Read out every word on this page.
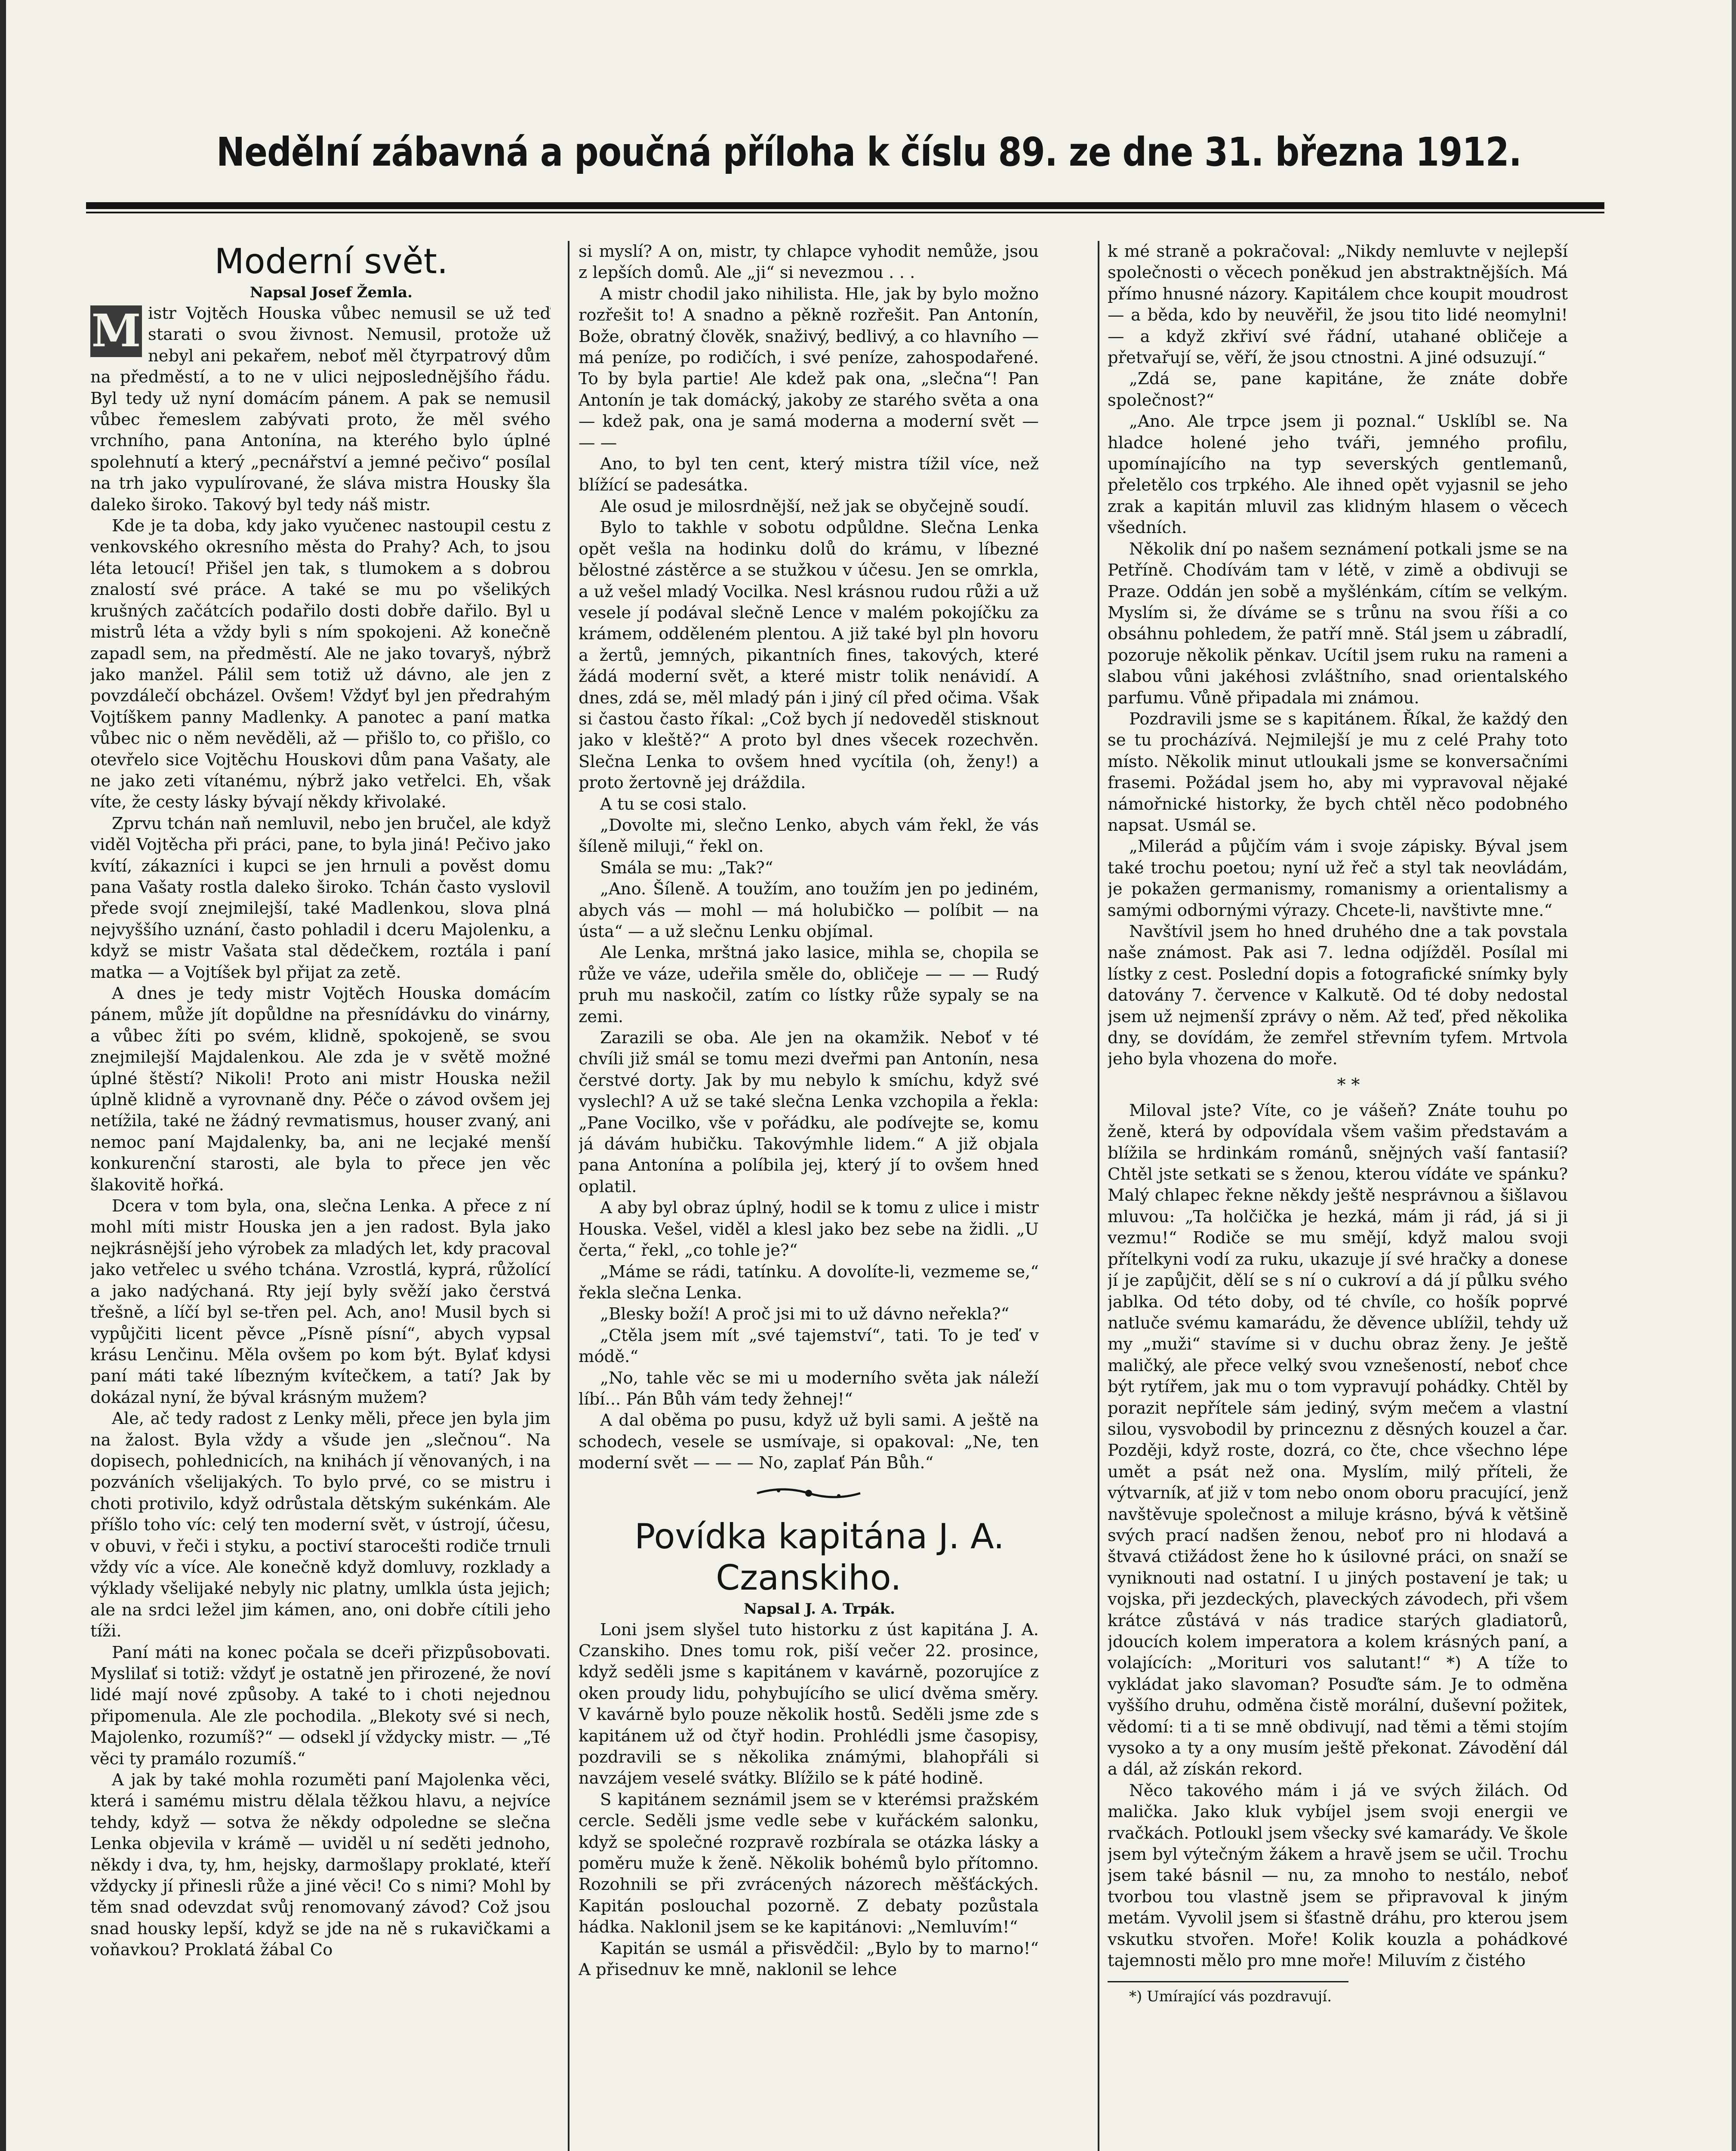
Nedělní zábavná a poučná příloha k číslu 89. ze dne 31. března 1912.

Moderní svět.

Napsal Josef Žemla.

M istr Vojtěch Houska vůbec nemusil se už teď starati o svou živnost. Nemusil, protože už nebyl ani pekařem, neboť měl čtyrpatrový dům na předměstí, a to ne v ulici nejposlednějšího řádu. Byl tedy už nyní domácím pánem. A pak se nemusil vůbec řemeslem zabývati proto, že měl svého vrchního, pana Antonína, na kterého bylo úplné spolehnutí a který „pecnářství a jemné pečivo“ posílal na trh jako vypulírované, že sláva mistra Housky šla daleko široko. Takový byl tedy náš mistr.

Kde je ta doba, kdy jako vyučenec nastoupil cestu z venkovského okresního města do Prahy? Ach, to jsou léta letoucí! Přišel jen tak, s tlumokem a s dobrou znalostí své práce. A také se mu po všelikých krušných začátcích podařilo dosti dobře dařilo. Byl u mistrů léta a vždy byli s ním spokojeni. Až konečně zapadl sem, na předměstí. Ale ne jako tovaryš, nýbrž jako manžel. Pálil sem totiž už dávno, ale jen z povzdálečí obcházel. Ovšem! Vždyť byl jen předrahým Vojtíškem panny Madlenky. A panotec a paní matka vůbec nic o něm nevěděli, až — přišlo to, co přišlo, co otevřelo sice Vojtěchu Houskovi dům pana Vašaty, ale ne jako zeti vítanému, nýbrž jako vetřelci. Eh, však víte, že cesty lásky bývají někdy křivolaké.

Zprvu tchán naň nemluvil, nebo jen bručel, ale když viděl Vojtěcha při práci, pane, to byla jiná! Pečivo jako kvítí, zákazníci i kupci se jen hrnuli a pověst domu pana Vašaty rostla daleko široko. Tchán často vyslovil přede svojí znejmilejší, také Madlenkou, slova plná nejvyššího uznání, často pohladil i dceru Majolenku, a když se mistr Vašata stal dědečkem, roztála i paní matka — a Vojtíšek byl přijat za zetě.

A dnes je tedy mistr Vojtěch Houska domácím pánem, může jít dopůldne na přesnídávku do vinárny, a vůbec žíti po svém, klidně, spokojeně, se svou znejmilejší Majdalenkou. Ale zda je v světě možné úplné štěstí? Nikoli! Proto ani mistr Houska nežil úplně klidně a vyrovnaně dny. Péče o závod ovšem jej netížila, také ne žádný revmatismus, houser zvaný, ani nemoc paní Majdalenky, ba, ani ne lecjaké menší konkurenční starosti, ale byla to přece jen věc šlakovitě hořká.

Dcera v tom byla, ona, slečna Lenka. A přece z ní mohl míti mistr Houska jen a jen radost. Byla jako nejkrásnější jeho výrobek za mladých let, kdy pracoval jako vetřelec u svého tchána. Vzrostlá, kyprá, růžolící a jako nadýchaná. Rty její byly svěží jako čerstvá třešně, a líčí byl se-třen pel. Ach, ano! Musil bych si vypůjčiti licent pěvce „Písně písní“, abych vypsal krásu Lenčinu. Měla ovšem po kom být. Bylať kdysi paní máti také líbezným kvítečkem, a tatí? Jak by dokázal nyní, že býval krásným mužem?

Ale, ač tedy radost z Lenky měli, přece jen byla jim na žalost. Byla vždy a všude jen „slečnou“. Na dopisech, pohlednicích, na knihách jí věnovaných, i na pozváních všelijakých. To bylo prvé, co se mistru i choti protivilo, když odrůstala dětským sukénkám. Ale příšlo toho víc: celý ten moderní svět, v ústrojí, účesu, v obuvi, v řeči i styku, a poctiví starocešti rodiče trnuli vždy víc a více. Ale konečně když domluvy, rozklady a výklady všelijaké nebyly nic platny, umlkla ústa jejich; ale na srdci ležel jim kámen, ano, oni dobře cítili jeho tíži.

Paní máti na konec počala se dceři přizpůsobovati. Myslilať si totiž: vždyť je ostatně jen přirozené, že noví lidé mají nové způsoby. A také to i choti nejednou připomenula. Ale zle pochodila. „Blekoty své si nech, Majolenko, rozumíš?“ — odsekl jí vždycky mistr. — „Té věci ty pramálo rozumíš.“

A jak by také mohla rozuměti paní Majolenka věci, která i samému mistru dělala těžkou hlavu, a nejvíce tehdy, když — sotva že někdy odpoledne se slečna Lenka objevila v krámě — uviděl u ní seděti jednoho, někdy i dva, ty, hm, hejsky, darmošlapy proklaté, kteří vždycky jí přinesli růže a jiné věci! Co s nimi? Mohl by těm snad odevzdat svůj renomovaný závod? Což jsou snad housky lepší, když se jde na ně s rukavičkami a voňavkou? Proklatá žábal Co

si myslí? A on, mistr, ty chlapce vyhodit nemůže, jsou z lepších domů. Ale „ji“ si nevezmou . . .

A mistr chodil jako nihilista. Hle, jak by bylo možno rozřešit to! A snadno a pěkně rozřešit. Pan Antonín, Bože, obratný člověk, snaživý, bedlivý, a co hlavního — má peníze, po rodičích, i své peníze, zahospodařené. To by byla partie! Ale kdež pak ona, „slečna“! Pan Antonín je tak domácký, jakoby ze starého světa a ona — kdež pak, ona je samá moderna a moderní svět — — —

Ano, to byl ten cent, který mistra tížil více, než blížící se padesátka.

Ale osud je milosrdnější, než jak se obyčejně soudí.

Bylo to takhle v sobotu odpůldne. Slečna Lenka opět vešla na hodinku dolů do krámu, v líbezné bělostné zástěrce a se stužkou v účesu. Jen se omrkla, a už vešel mladý Vocilka. Nesl krásnou rudou růži a už vesele jí podával slečně Lence v malém pokojíčku za krámem, odděleném plentou. A již také byl pln hovoru a žertů, jemných, pikantních fines, takových, které žádá moderní svět, a které mistr tolik nenávidí. A dnes, zdá se, měl mladý pán i jiný cíl před očima. Však si častou často říkal: „Což bych jí nedoveděl stisknout jako v kleště?“ A proto byl dnes všecek rozechvěn. Slečna Lenka to ovšem hned vycítila (oh, ženy!) a proto žertovně jej dráždila.

A tu se cosi stalo.

„Dovolte mi, slečno Lenko, abych vám řekl, že vás šíleně miluji,“ řekl on.

Smála se mu: „Tak?“

„Ano. Šíleně. A toužím, ano toužím jen po jediném, abych vás — mohl — má holubičko — políbit — na ústa“ — a už slečnu Lenku objímal.

Ale Lenka, mrštná jako lasice, mihla se, chopila se růže ve váze, udeřila směle do, obličeje — — — Rudý pruh mu naskočil, zatím co lístky růže sypaly se na zemi.

Zarazili se oba. Ale jen na okamžik. Neboť v té chvíli již smál se tomu mezi dveřmi pan Antonín, nesa čerstvé dorty. Jak by mu nebylo k smíchu, když své vyslechl? A už se také slečna Lenka vzchopila a řekla: „Pane Vocilko, vše v pořádku, ale podívejte se, komu já dávám hubičku. Takovýmhle lidem.“ A již objala pana Antonína a políbila jej, který jí to ovšem hned oplatil.

A aby byl obraz úplný, hodil se k tomu z ulice i mistr Houska. Vešel, viděl a klesl jako bez sebe na židli. „U čerta,“ řekl, „co tohle je?“

„Máme se rádi, tatínku. A dovolíte-li, vezmeme se,“ řekla slečna Lenka.

„Blesky boží! A proč jsi mi to už dávno neřekla?“

„Ctěla jsem mít „své tajemství“, tati. To je teď v módě.“

„No, tahle věc se mi u moderního světa jak náleží líbí... Pán Bůh vám tedy žehnej!“

A dal oběma po pusu, když už byli sami. A ještě na schodech, vesele se usmívaje, si opakoval: „Ne, ten moderní svět — — — No, zaplať Pán Bůh.“

Povídka kapitána J. A. Czanskiho.

Napsal J. A. Trpák.

Loni jsem slyšel tuto historku z úst kapitána J. A. Czanskiho. Dnes tomu rok, piší večer 22. prosince, když seděli jsme s kapitánem v kavárně, pozorujíce z oken proudy lidu, pohybujícího se ulicí dvěma směry. V kavárně bylo pouze několik hostů. Seděli jsme zde s kapitánem už od čtyř hodin. Prohlédli jsme časopisy, pozdravili se s několika známými, blahopřáli si navzájem veselé svátky. Blížilo se k páté hodině.

S kapitánem seznámil jsem se v kterémsi pražském cercle. Seděli jsme vedle sebe v kuřáckém salonku, když se společné rozpravě rozbírala se otázka lásky a poměru muže k ženě. Několik bohémů bylo přítomno. Rozohnili se při zvrácených názorech měšťáckých. Kapitán poslouchal pozorně. Z debaty pozůstala hádka. Naklonil jsem se ke kapitánovi: „Nemluvím!“

Kapitán se usmál a přisvědčil: „Bylo by to marno!“ A přisednuv ke mně, naklonil se lehce

k mé straně a pokračoval: „Nikdy nemluvte v nejlepší společnosti o věcech poněkud jen abstraktnějších. Má přímo hnusné názory. Kapitálem chce koupit moudrost — a běda, kdo by neuvěřil, že jsou tito lidé neomylni! — a když zkřiví své řádní, utahané obličeje a přetvařují se, věří, že jsou ctnostni. A jiné odsuzují.“

„Zdá se, pane kapitáne, že znáte dobře společnost?“

„Ano. Ale trpce jsem ji poznal.“ Usklíbl se. Na hladce holené jeho tváři, jemného profilu, upomínajícího na typ severských gentlemanů, přeletělo cos trpkého. Ale ihned opět vyjasnil se jeho zrak a kapitán mluvil zas klidným hlasem o věcech všedních.

Několik dní po našem seznámení potkali jsme se na Petříně. Chodívám tam v létě, v zimě a obdivuji se Praze. Oddán jen sobě a myšlénkám, cítím se velkým. Myslím si, že díváme se s trůnu na svou říši a co obsáhnu pohledem, že patří mně. Stál jsem u zábradlí, pozoruje několik pěnkav. Ucítil jsem ruku na rameni a slabou vůni jakéhosi zvláštního, snad orientalského parfumu. Vůně připadala mi známou.

Pozdravili jsme se s kapitánem. Říkal, že každý den se tu procházívá. Nejmilejší je mu z celé Prahy toto místo. Několik minut utloukali jsme se konversačními frasemi. Požádal jsem ho, aby mi vypravoval nějaké námořnické historky, že bych chtěl něco podobného napsat. Usmál se.

„Milerád a půjčím vám i svoje zápisky. Býval jsem také trochu poetou; nyní už řeč a styl tak neovládám, je pokažen germanismy, romanismy a orientalismy a samými odbornými výrazy. Chcete-li, navštivte mne.“

Navštívil jsem ho hned druhého dne a tak povstala naše známost. Pak asi 7. ledna odjížděl. Posílal mi lístky z cest. Poslední dopis a fotografické snímky byly datovány 7. července v Kalkutě. Od té doby nedostal jsem už nejmenší zprávy o něm. Až teď, před několika dny, se dovídám, že zemřel střevním tyfem. Mrtvola jeho byla vhozena do moře.

* *

Miloval jste? Víte, co je vášeň? Znáte touhu po ženě, která by odpovídala všem vašim představám a blížila se hrdinkám románů, snějných vaší fantasií? Chtěl jste setkati se s ženou, kterou vídáte ve spánku? Malý chlapec řekne někdy ještě nesprávnou a šišlavou mluvou: „Ta holčička je hezká, mám ji rád, já si ji vezmu!“ Rodiče se mu smějí, když malou svoji přítelkyni vodí za ruku, ukazuje jí své hračky a donese jí je zapůjčit, dělí se s ní o cukroví a dá jí půlku svého jablka. Od této doby, od té chvíle, co hošík poprvé natluče svému kamarádu, že děvence ublížil, tehdy už my „muži“ stavíme si v duchu obraz ženy. Je ještě maličký, ale přece velký svou vznešeností, neboť chce být rytířem, jak mu o tom vypravují pohádky. Chtěl by porazit nepřítele sám jediný, svým mečem a vlastní silou, vysvobodil by princeznu z děsných kouzel a čar. Později, když roste, dozrá, co čte, chce všechno lépe umět a psát než ona. Myslím, milý příteli, že výtvarník, ať již v tom nebo onom oboru pracující, jenž navštěvuje společnost a miluje krásno, bývá k většině svých prací nadšen ženou, neboť pro ni hlodavá a štvavá ctižádost žene ho k úsilovné práci, on snaží se vyniknouti nad ostatní. I u jiných postavení je tak; u vojska, při jezdeckých, plaveckých závodech, při všem krátce zůstává v nás tradice starých gladiatorů, jdoucích kolem imperatora a kolem krásných paní, a volajících: „Morituri vos salutant!“ *) A tíže to vykládat jako slavoman? Posuďte sám. Je to odměna vyššího druhu, odměna čistě morální, duševní požitek, vědomí: ti a ti se mně obdivují, nad těmi a těmi stojím vysoko a ty a ony musím ještě překonat. Závodění dál a dál, až získán rekord.

Něco takového mám i já ve svých žilách. Od malička. Jako kluk vybíjel jsem svoji energii ve rvačkách. Potloukl jsem všecky své kamarády. Ve škole jsem byl výtečným žákem a hravě jsem se učil. Trochu jsem také básnil — nu, za mnoho to nestálo, neboť tvorbou tou vlastně jsem se připravoval k jiným metám. Vyvolil jsem si šťastně dráhu, pro kterou jsem vskutku stvořen. Moře! Kolik kouzla a pohádkové tajemnosti mělo pro mne moře! Miluvím z čistého

*) Umírající vás pozdravují.
